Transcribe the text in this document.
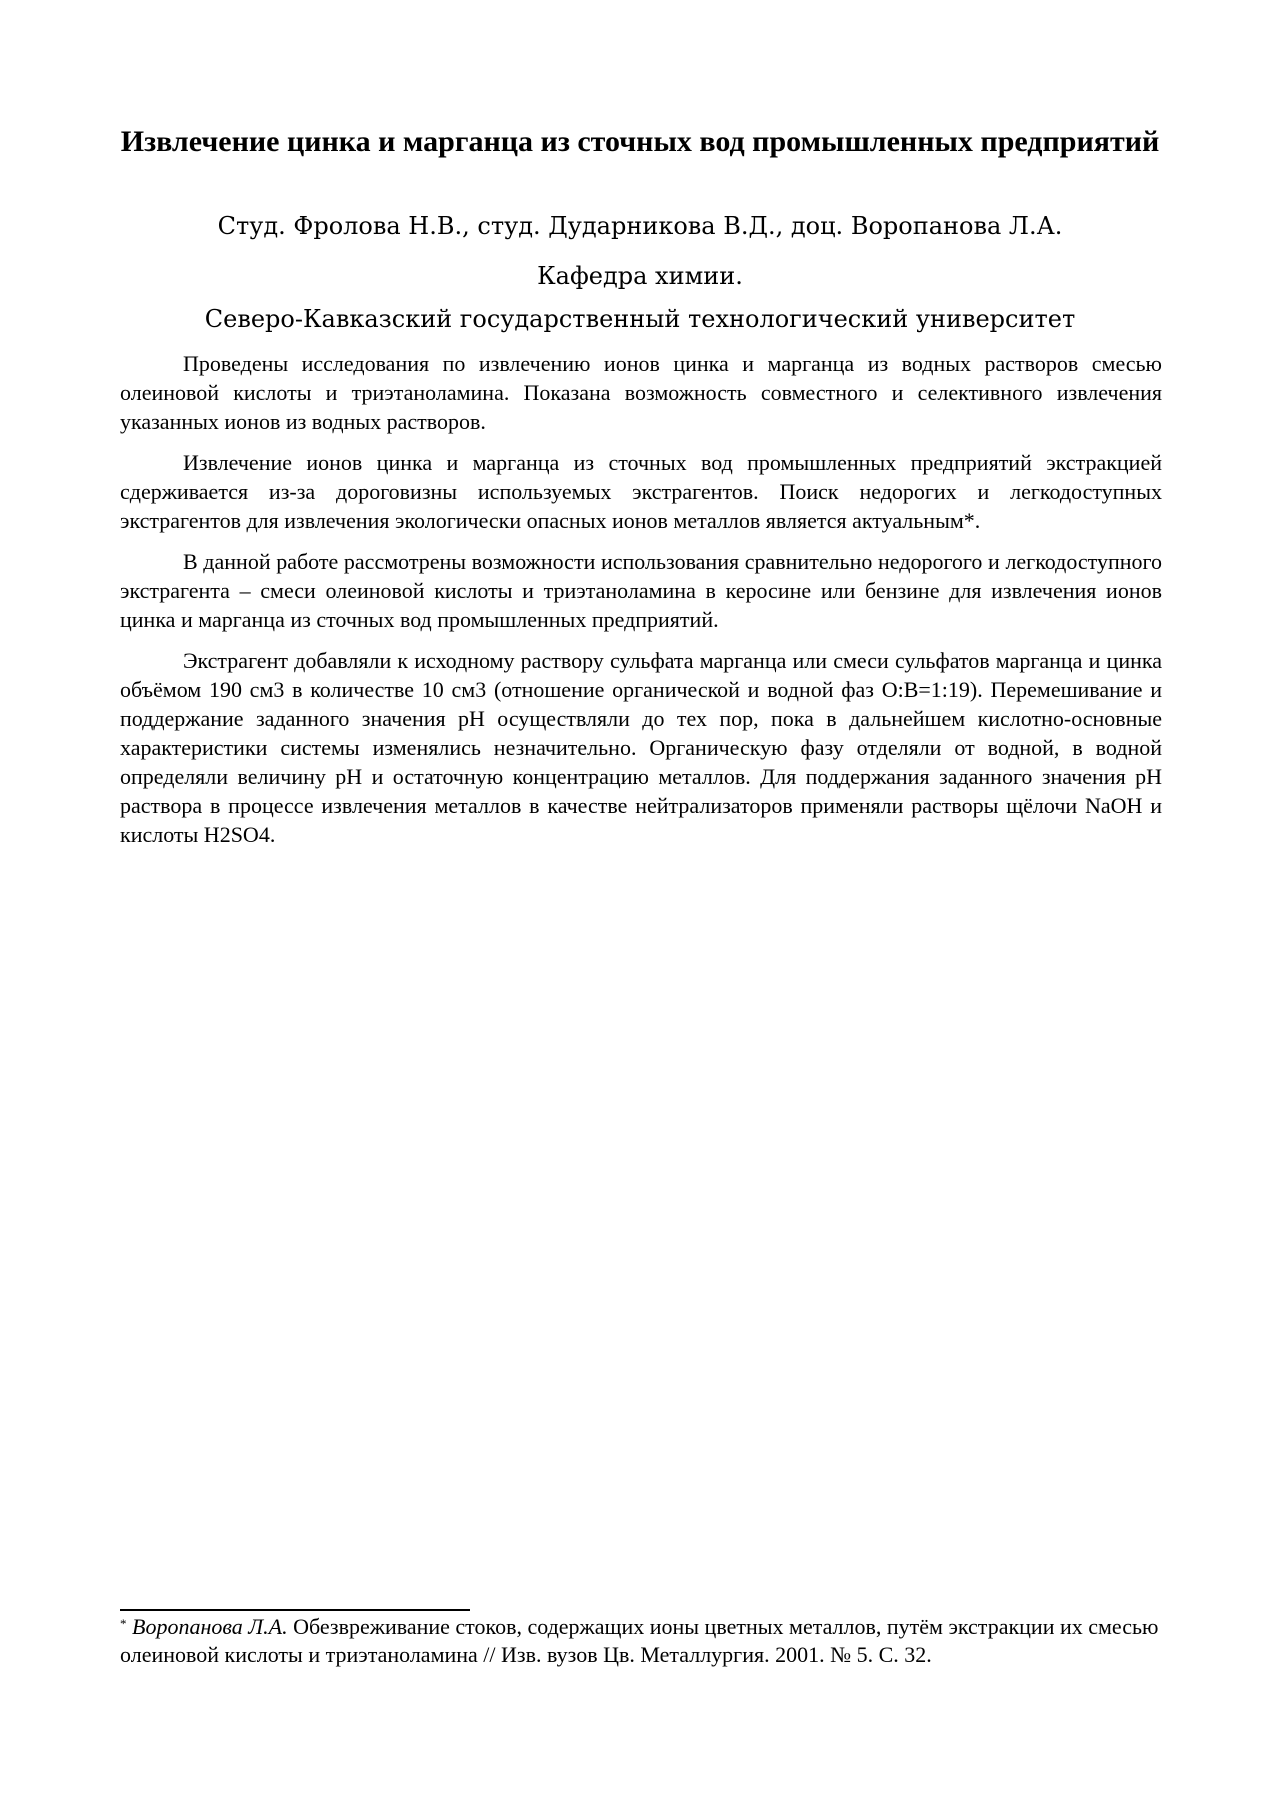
Извлечение цинка и марганца из сточных вод промышленных предприятий

Студ. Фролова Н.В., студ. Дударникова В.Д., доц. Воропанова Л.А.

Кафедра химии.

Северо-Кавказский государственный технологический университет

Проведены исследования по извлечению ионов цинка и марганца из водных растворов смесью олеиновой кислоты и триэтаноламина. Показана возможность совместного и селективного извлечения указанных ионов из водных растворов.

Извлечение ионов цинка и марганца из сточных вод промышленных предприятий экстракцией сдерживается из-за дороговизны используемых экстрагентов. Поиск недорогих и легкодоступных экстрагентов для извлечения экологически опасных ионов металлов является актуальным*.

В данной работе рассмотрены возможности использования сравнительно недорогого и легкодоступного экстрагента – смеси олеиновой кислоты и триэтаноламина в керосине или бензине для извлечения ионов цинка и марганца из сточных вод промышленных предприятий.

Экстрагент добавляли к исходному раствору сульфата марганца или смеси сульфатов марганца и цинка объёмом 190 см3 в количестве 10 см3 (отношение органической и водной фаз О:В=1:19). Перемешивание и поддержание заданного значения рН осуществляли до тех пор, пока в дальнейшем кислотно-основные характеристики системы изменялись незначительно. Органическую фазу отделяли от водной, в водной определяли величину рН и остаточную концентрацию металлов. Для поддержания заданного значения рН раствора в процессе извлечения металлов в качестве нейтрализаторов применяли растворы щёлочи NaOH и кислоты H2SO4.

* Воропанова Л.А. Обезвреживание стоков, содержащих ионы цветных металлов, путём экстракции их смесью олеиновой кислоты и триэтаноламина // Изв. вузов Цв. Металлургия. 2001. № 5. С. 32.
